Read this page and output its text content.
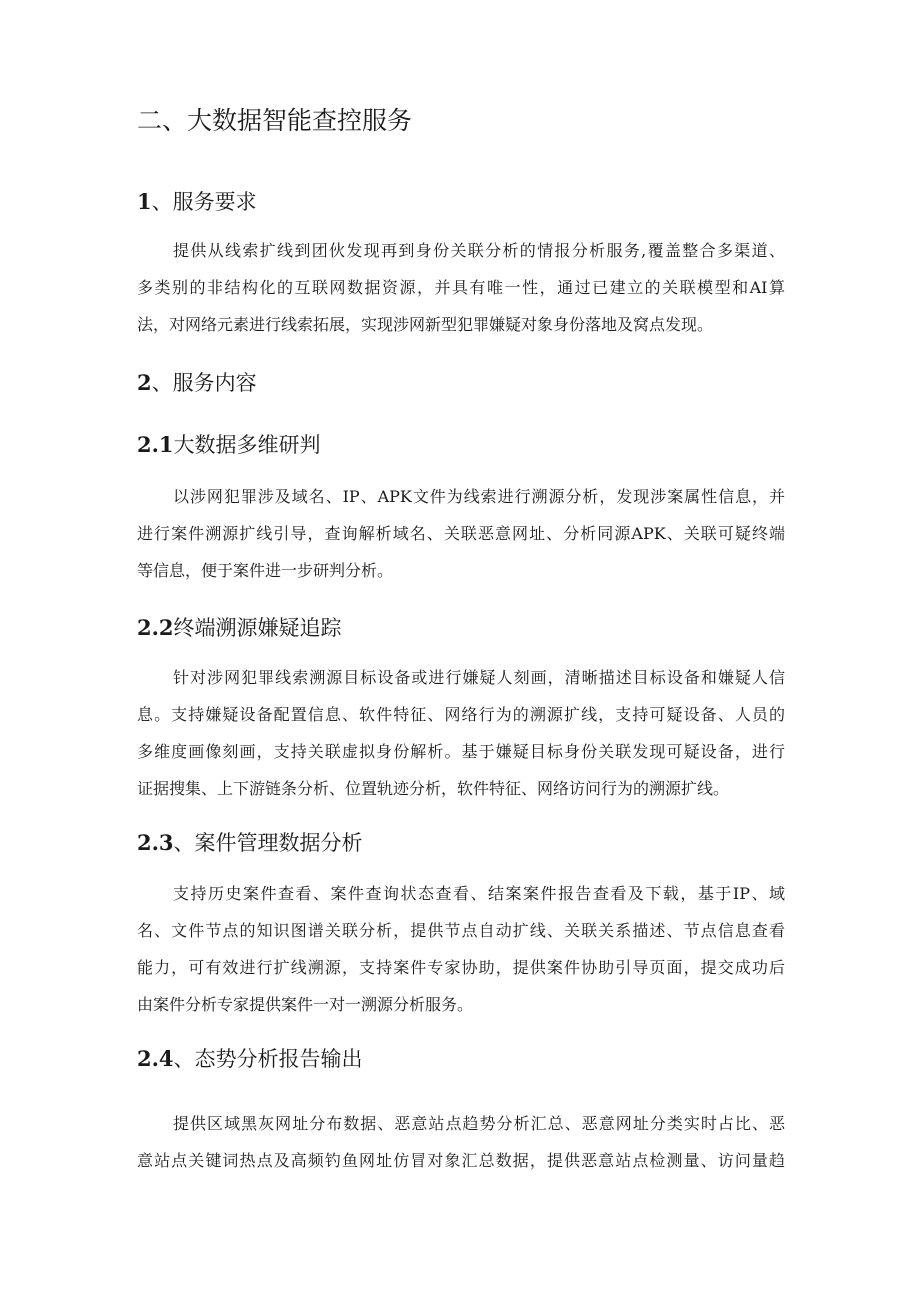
二、大数据智能查控服务
1、服务要求
提供从线索扩线到团伙发现再到身份关联分析的情报分析服务,覆盖整合多渠道、
多类别的非结构化的互联网数据资源，并具有唯一性，通过已建立的关联模型和AI算
法，对网络元素进行线索拓展，实现涉网新型犯罪嫌疑对象身份落地及窝点发现。
2、服务内容
2.1大数据多维研判
以涉网犯罪涉及域名、IP、APK文件为线索进行溯源分析，发现涉案属性信息，并
进行案件溯源扩线引导，查询解析域名、关联恶意网址、分析同源APK、关联可疑终端
等信息，便于案件进一步研判分析。
2.2终端溯源嫌疑追踪
针对涉网犯罪线索溯源目标设备或进行嫌疑人刻画，清晰描述目标设备和嫌疑人信
息。支持嫌疑设备配置信息、软件特征、网络行为的溯源扩线，支持可疑设备、人员的
多维度画像刻画，支持关联虚拟身份解析。基于嫌疑目标身份关联发现可疑设备，进行
证据搜集、上下游链条分析、位置轨迹分析，软件特征、网络访问行为的溯源扩线。
2.3、案件管理数据分析
支持历史案件查看、案件查询状态查看、结案案件报告查看及下载，基于IP、域
名、文件节点的知识图谱关联分析，提供节点自动扩线、关联关系描述、节点信息查看
能力，可有效进行扩线溯源，支持案件专家协助，提供案件协助引导页面，提交成功后
由案件分析专家提供案件一对一溯源分析服务。
2.4、态势分析报告输出
提供区域黑灰网址分布数据、恶意站点趋势分析汇总、恶意网址分类实时占比、恶
意站点关键词热点及高频钓鱼网址仿冒对象汇总数据，提供恶意站点检测量、访问量趋
